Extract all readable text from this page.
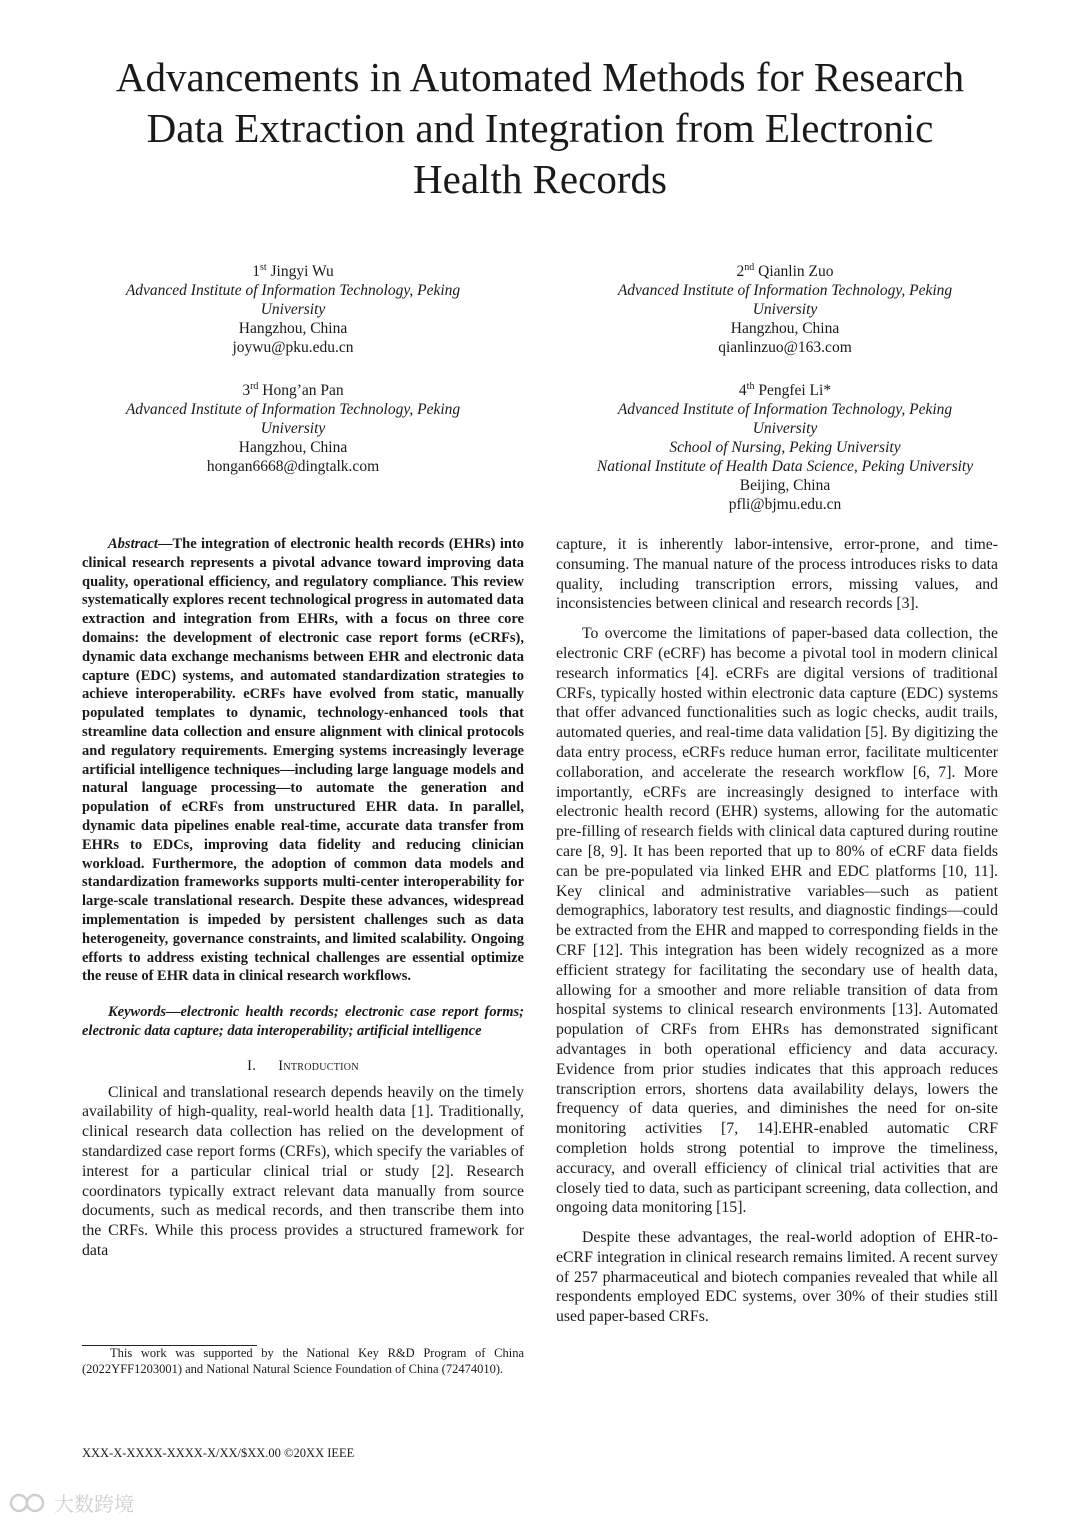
Advancements in Automated Methods for Research
Data Extraction and Integration from Electronic
Health Records
1st Jingyi Wu
Advanced Institute of Information Technology, Peking
University
Hangzhou, China
joywu@pku.edu.cn
2nd Qianlin Zuo
Advanced Institute of Information Technology, Peking
University
Hangzhou, China
qianlinzuo@163.com
3rd Hong’an Pan
Advanced Institute of Information Technology, Peking
University
Hangzhou, China
hongan6668@dingtalk.com
4th Pengfei Li*
Advanced Institute of Information Technology, Peking
University
School of Nursing, Peking University
National Institute of Health Data Science, Peking University
Beijing, China
pfli@bjmu.edu.cn

Abstract—The integration of electronic health records (EHRs) into clinical research represents a pivotal advance toward improving data quality, operational efficiency, and regulatory compliance. This review systematically explores recent technological progress in automated data extraction and integration from EHRs, with a focus on three core domains: the development of electronic case report forms (eCRFs), dynamic data exchange mechanisms between EHR and electronic data capture (EDC) systems, and automated standardization strategies to achieve interoperability. eCRFs have evolved from static, manually populated templates to dynamic, technology-enhanced tools that streamline data collection and ensure alignment with clinical protocols and regulatory requirements. Emerging systems increasingly leverage artificial intelligence techniques—including large language models and natural language processing—to automate the generation and population of eCRFs from unstructured EHR data. In parallel, dynamic data pipelines enable real-time, accurate data transfer from EHRs to EDCs, improving data fidelity and reducing clinician workload. Furthermore, the adoption of common data models and standardization frameworks supports multi-center interoperability for large-scale translational research. Despite these advances, widespread implementation is impeded by persistent challenges such as data heterogeneity, governance constraints, and limited scalability. Ongoing efforts to address existing technical challenges are essential optimize the reuse of EHR data in clinical research workflows.

Keywords—electronic health records; electronic case report forms; electronic data capture; data interoperability; artificial intelligence

I. Introduction

Clinical and translational research depends heavily on the timely availability of high-quality, real-world health data [1]. Traditionally, clinical research data collection has relied on the development of standardized case report forms (CRFs), which specify the variables of interest for a particular clinical trial or study [2]. Research coordinators typically extract relevant data manually from source documents, such as medical records, and then transcribe them into the CRFs. While this process provides a structured framework for data

This work was supported by the National Key R&D Program of China (2022YFF1203001) and National Natural Science Foundation of China (72474010).

capture, it is inherently labor-intensive, error-prone, and time-consuming. The manual nature of the process introduces risks to data quality, including transcription errors, missing values, and inconsistencies between clinical and research records [3].

To overcome the limitations of paper-based data collection, the electronic CRF (eCRF) has become a pivotal tool in modern clinical research informatics [4]. eCRFs are digital versions of traditional CRFs, typically hosted within electronic data capture (EDC) systems that offer advanced functionalities such as logic checks, audit trails, automated queries, and real-time data validation [5]. By digitizing the data entry process, eCRFs reduce human error, facilitate multicenter collaboration, and accelerate the research workflow [6, 7]. More importantly, eCRFs are increasingly designed to interface with electronic health record (EHR) systems, allowing for the automatic pre-filling of research fields with clinical data captured during routine care [8, 9]. It has been reported that up to 80% of eCRF data fields can be pre-populated via linked EHR and EDC platforms [10, 11]. Key clinical and administrative variables—such as patient demographics, laboratory test results, and diagnostic findings—could be extracted from the EHR and mapped to corresponding fields in the CRF [12]. This integration has been widely recognized as a more efficient strategy for facilitating the secondary use of health data, allowing for a smoother and more reliable transition of data from hospital systems to clinical research environments [13]. Automated population of CRFs from EHRs has demonstrated significant advantages in both operational efficiency and data accuracy. Evidence from prior studies indicates that this approach reduces transcription errors, shortens data availability delays, lowers the frequency of data queries, and diminishes the need for on-site monitoring activities [7, 14].EHR-enabled automatic CRF completion holds strong potential to improve the timeliness, accuracy, and overall efficiency of clinical trial activities that are closely tied to data, such as participant screening, data collection, and ongoing data monitoring [15].

Despite these advantages, the real-world adoption of EHR-to-eCRF integration in clinical research remains limited. A recent survey of 257 pharmaceutical and biotech companies revealed that while all respondents employed EDC systems, over 30% of their studies still used paper-based CRFs.

XXX-X-XXXX-XXXX-X/XX/$XX.00 ©20XX IEEE
大数跨境
